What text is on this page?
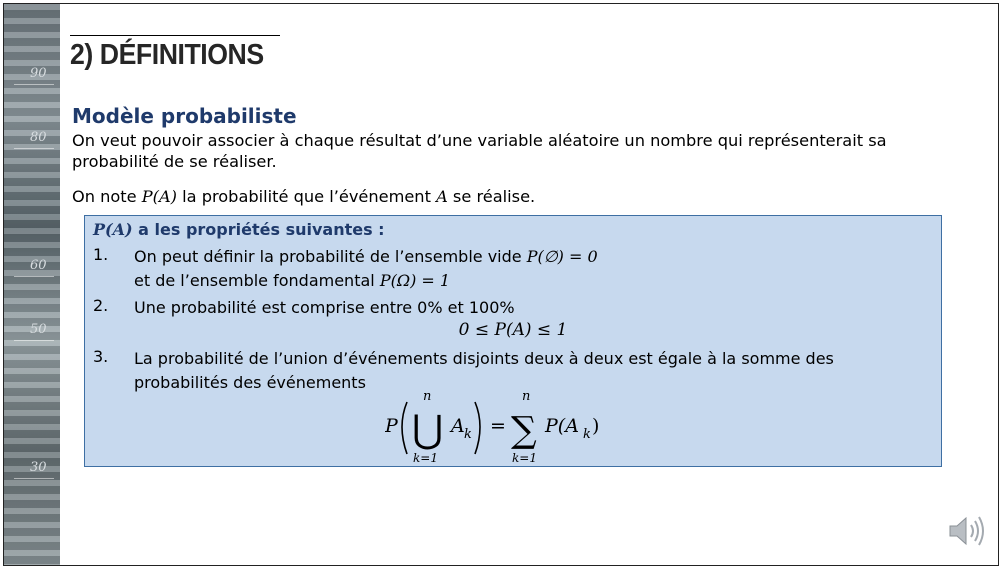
90
80
60
50
30
2) DÉFINITIONS
Modèle probabiliste

On veut pouvoir associer à chaque résultat d’une variable aléatoire un nombre qui représenterait sa probabilité de se réaliser.

On note P(A) la probabilité que l’événement A se réalise.

P(A) a les propriétés suivantes :
1. On peut définir la probabilité de l’ensemble vide P(∅) = 0
et de l’ensemble fondamental P(Ω) = 1
2. Une probabilité est comprise entre 0% et 100%
0 ≤ P(A) ≤ 1
3. La probabilité de l’union d’événements disjoints deux à deux est égale à la somme des
probabilités des événements
P
n
⋃
k=1
A k =
n
∑
k=1
P(A k )
